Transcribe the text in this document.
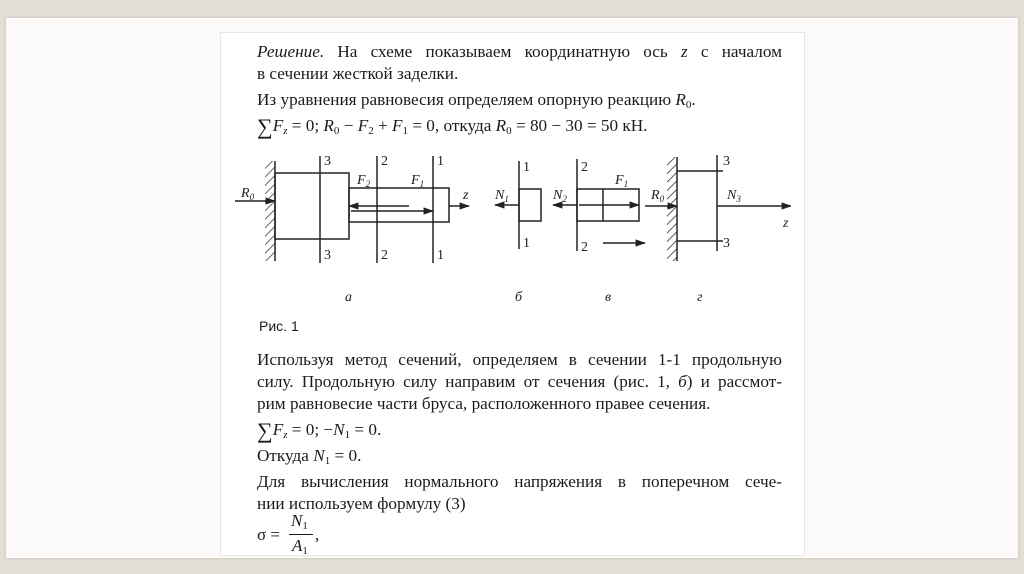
Решение. На схеме показываем координатную ось z с началом
в сечении жесткой заделки.
Из уравнения равновесия определяем опорную реакцию $R_0$.
$\sum F_z = 0$; $R_0 - F_2 + F_1 = 0$, откуда $R_0 = 80 - 30 = 50$ кН.
$R_0$
3
3
2
2
1
1
$F_2$	$F_1$
z
а
$N_1$
1
1
б
$N_2$
2
2
$F_1$
в
$R_0$
3
3
$N_3$
z
г
Рис. 1
Используя метод сечений, определяем в сечении 1-1 продольную
силу. Продольную силу направим от сечения (рис. 1, б) и рассмот-
рим равновесие части бруса, расположенного правее сечения.
$\sum F_z = 0$; $-N_1 = 0$.
Откуда $N_1 = 0$.
Для вычисления нормального напряжения в поперечном сече-
нии используем формулу (3)
σ =
$N_1$
$A_1$
,
